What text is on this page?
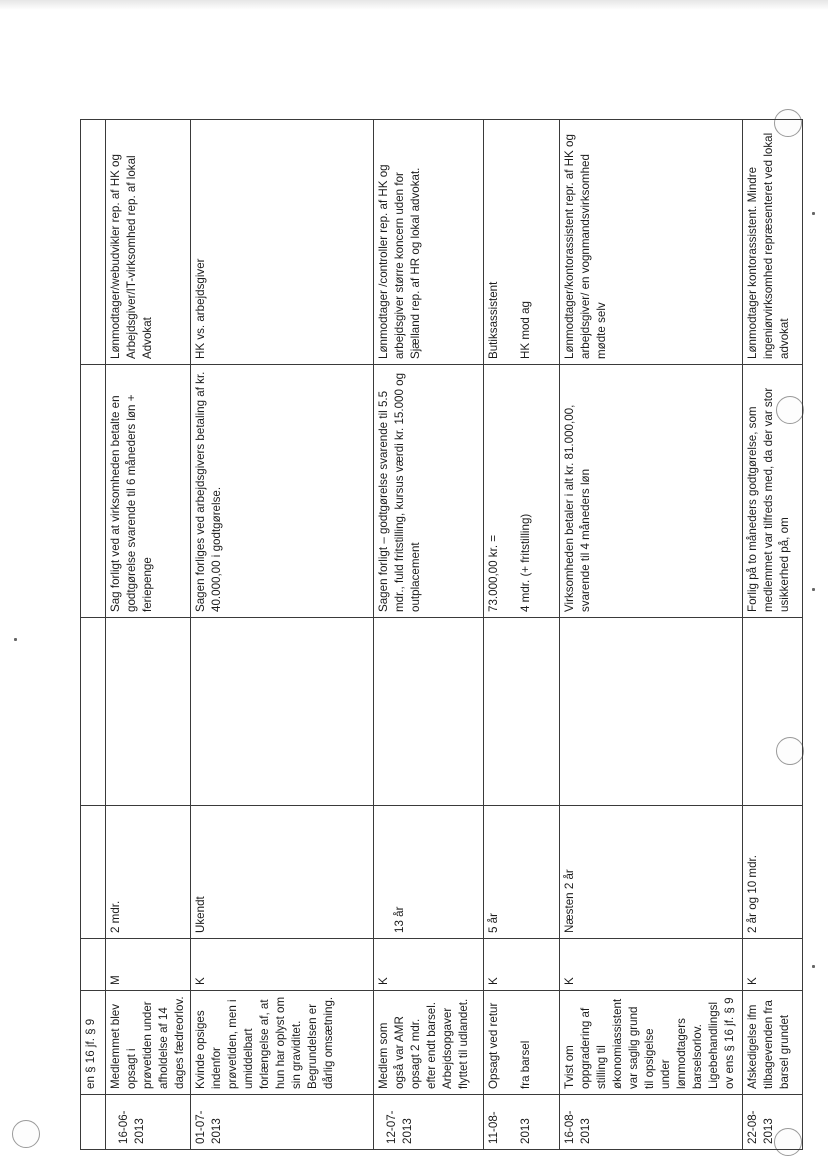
	en § 16 jf. § 9					

16-06-2013	Medlemmet blev opsagt i prøvetiden under afholdelse af 14 dages fædreorlov.	M	2 mdr.		Sag forligt ved at virksomheden betalte en godtgørelse svarende til 6 måneders løn + feriepenge	Lønmodtager/webudvikler rep. af HK og Arbejdsgiver/IT-virksomhed rep. af lokal Advokat
01-07-2013	Kvinde opsiges indenfor prøvetiden, men i umiddelbart forlængelse af, at hun har oplyst om sin graviditet. Begrundelsen er dårlig omsætning.	K	Ukendt		Sagen forliges ved arbejdsgivers betaling af kr. 40.000,00 i godtgørelse.	HK vs. arbejdsgiver

12-07-2013	Medlem som også var AMR opsagt 2 mdr. efter endt barsel. Arbejdsopgaver flyttet til udlandet.	K	13 år		Sagen forligt – godtgørelse svarende til 5.5 mdr., fuld fritstilling, kursus værdi kr. 15.000 og outplacement	Lønmodtager /controller rep. af HK og arbejdsgiver større koncern uden for Sjælland rep. af HR og lokal advokat.
11-08- 2013	Opsagt ved retur fra barsel	K	5 år		73.000,00 kr. = 4 mdr. (+ fritstilling)	Butiksassistent HK mod ag
16-08-2013	Tvist om oppgradering af stilling til økonomiassistent var saglig grund til opsigelse under lønmodtagers barselsorlov. Ligebehandlingslov ens § 16 jf. § 9	K	Næsten 2 år		Virksomheden betaler i alt kr. 81.000,00, svarende til 4 måneders løn	Lønmodtager/kontorassistent repr. af HK og arbejdsgiver/ en vognmandsvirksomhed mødte selv
22-08-2013	Afskedigelse ifm tilbagevenden fra barsel grundet	K	2 år og 10 mdr.		Forlig på to måneders godtgørelse, som medlemmet var tilfreds med, da der var stor usikkerhed på, om	Lønmodtager kontorassistent. Mindre ingeniørvirksomhed repræsenteret ved lokal advokat
